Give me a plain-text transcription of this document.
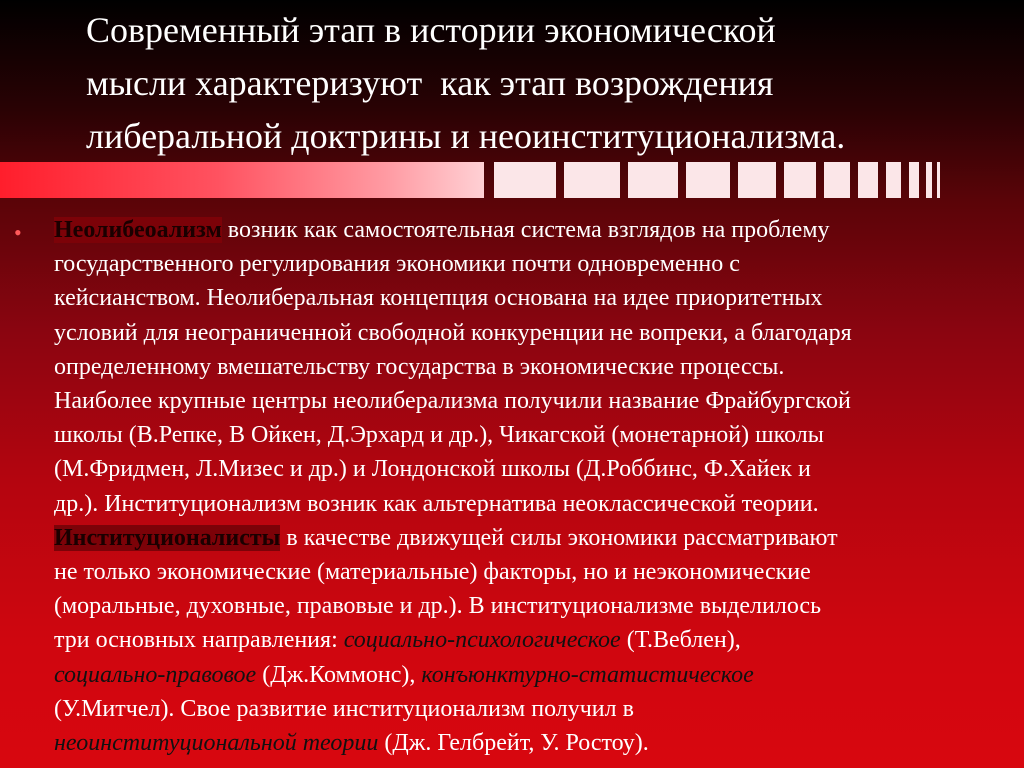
Современный этап в истории экономической
мысли характеризуют  как этап возрождения
либеральной доктрины и неоинституционализма.
• Неолибеоализм возник как самостоятельная система взглядов на проблему
государственного регулирования экономики почти одновременно с
кейсианством. Неолиберальная концепция основана на идее приоритетных
условий для неограниченной свободной конкуренции не вопреки, а благодаря
определенному вмешательству государства в экономические процессы.
Наиболее крупные центры неолиберализма получили название Фрайбургской
школы (В.Репке, В Ойкен, Д.Эрхард и др.), Чикагской (монетарной) школы
(М.Фридмен, Л.Мизес и др.) и Лондонской школы (Д.Роббинс, Ф.Хайек и
др.). Институционализм возник как альтернатива неоклассической теории.
Институционалисты в качестве движущей силы экономики рассматривают
не только экономические (материальные) факторы, но и неэкономические
(моральные, духовные, правовые и др.). В институционализме выделилось
три основных направления: социально-психологическое (Т.Веблен),
социально-правовое (Дж.Коммонс), конъюнктурно-статистическое
(У.Митчел). Свое развитие институционализм получил в
неоинституциональной теории (Дж. Гелбрейт, У. Ростоу).
